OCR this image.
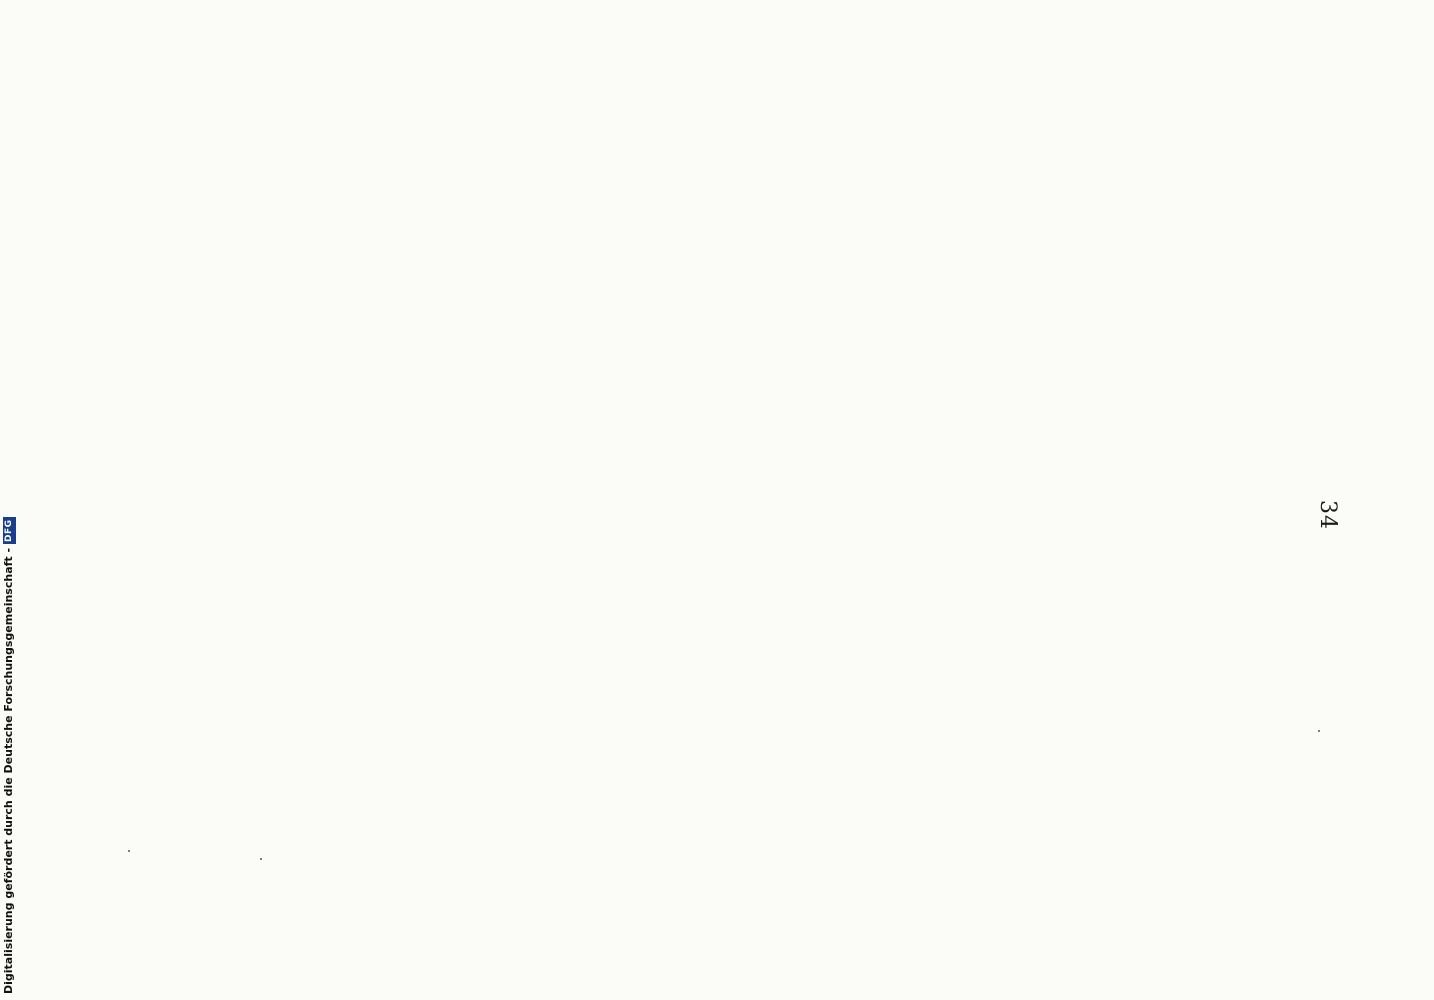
34

Digitalisierung gefördert durch die Deutsche Forschungsgemeinschaft -
DFG
